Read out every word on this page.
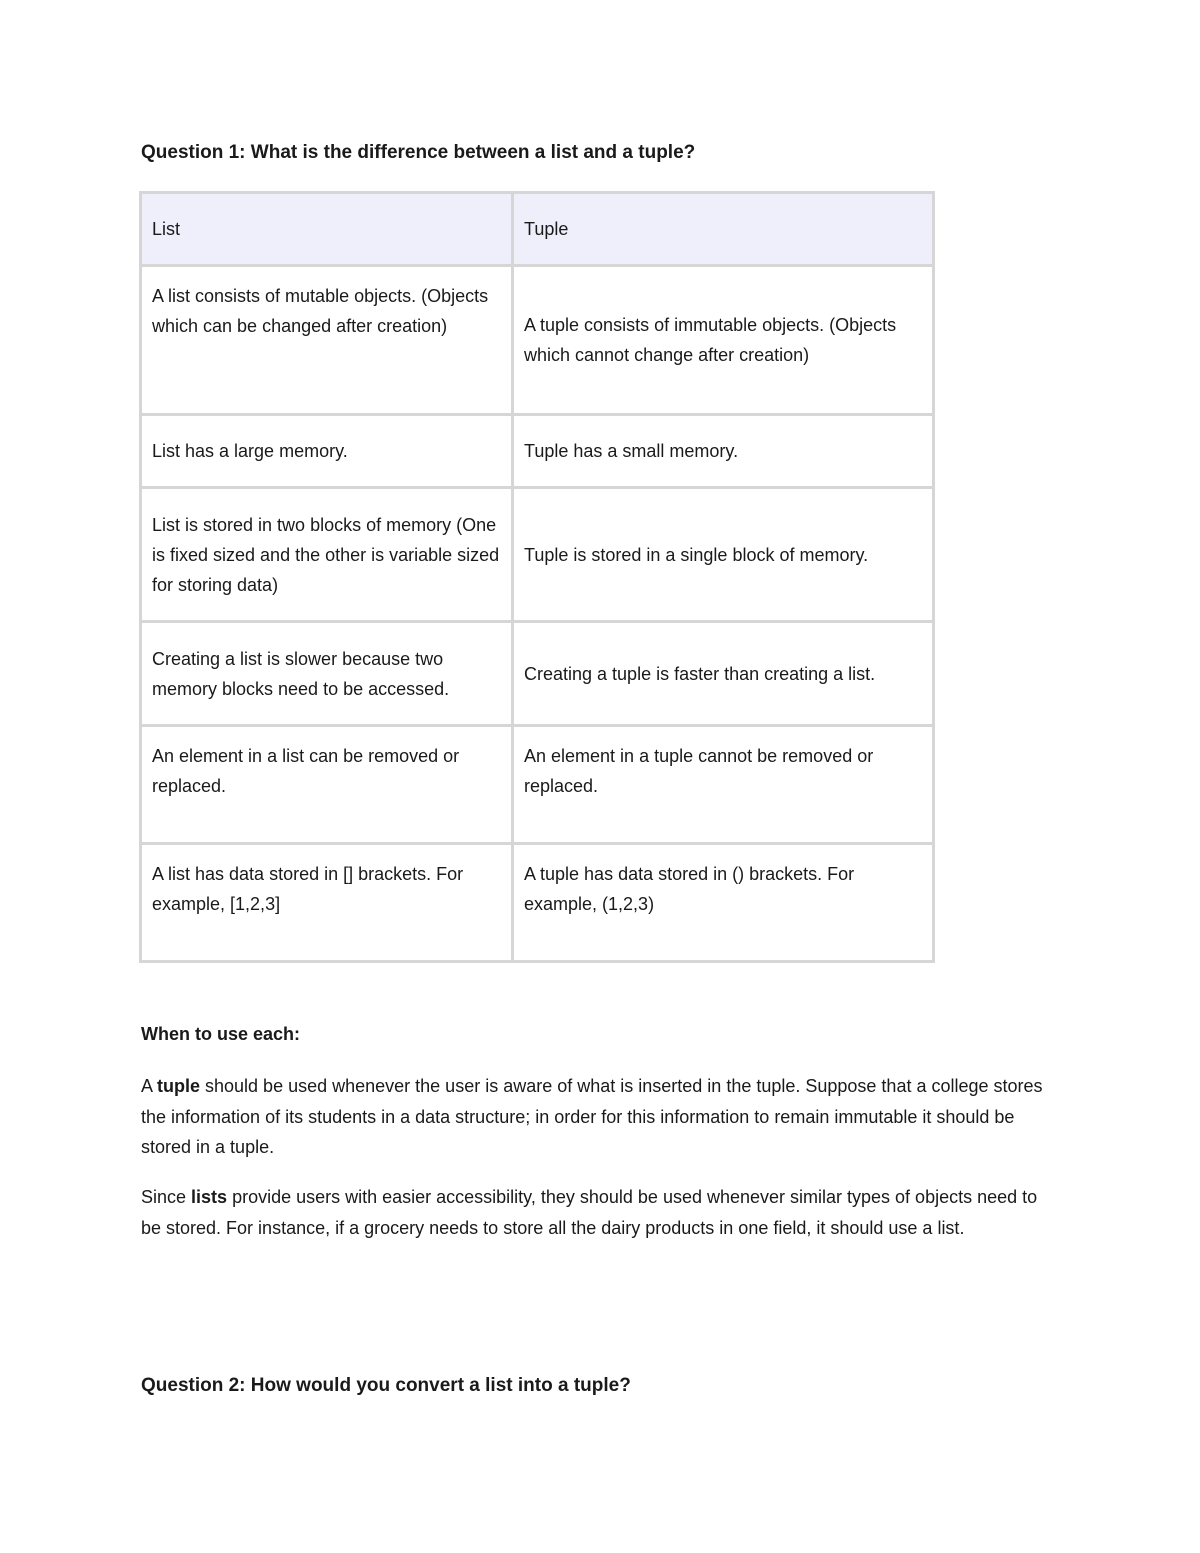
Question 1: What is the difference between a list and a tuple?
List	Tuple
A list consists of mutable objects. (Objects which can be changed after creation)	A tuple consists of immutable objects. (Objects which cannot change after creation)
List has a large memory.	Tuple has a small memory.
List is stored in two blocks of memory (One is fixed sized and the other is variable sized for storing data)	Tuple is stored in a single block of memory.
Creating a list is slower because two memory blocks need to be accessed.	Creating a tuple is faster than creating a list.
An element in a list can be removed or replaced.	An element in a tuple cannot be removed or replaced.
A list has data stored in [] brackets. For example, [1,2,3]	A tuple has data stored in () brackets. For example, (1,2,3)
When to use each:

A tuple should be used whenever the user is aware of what is inserted in the tuple. Suppose that a college stores the information of its students in a data structure; in order for this information to remain immutable it should be stored in a tuple.

Since lists provide users with easier accessibility, they should be used whenever similar types of objects need to be stored. For instance, if a grocery needs to store all the dairy products in one field, it should use a list.

Question 2: How would you convert a list into a tuple?
